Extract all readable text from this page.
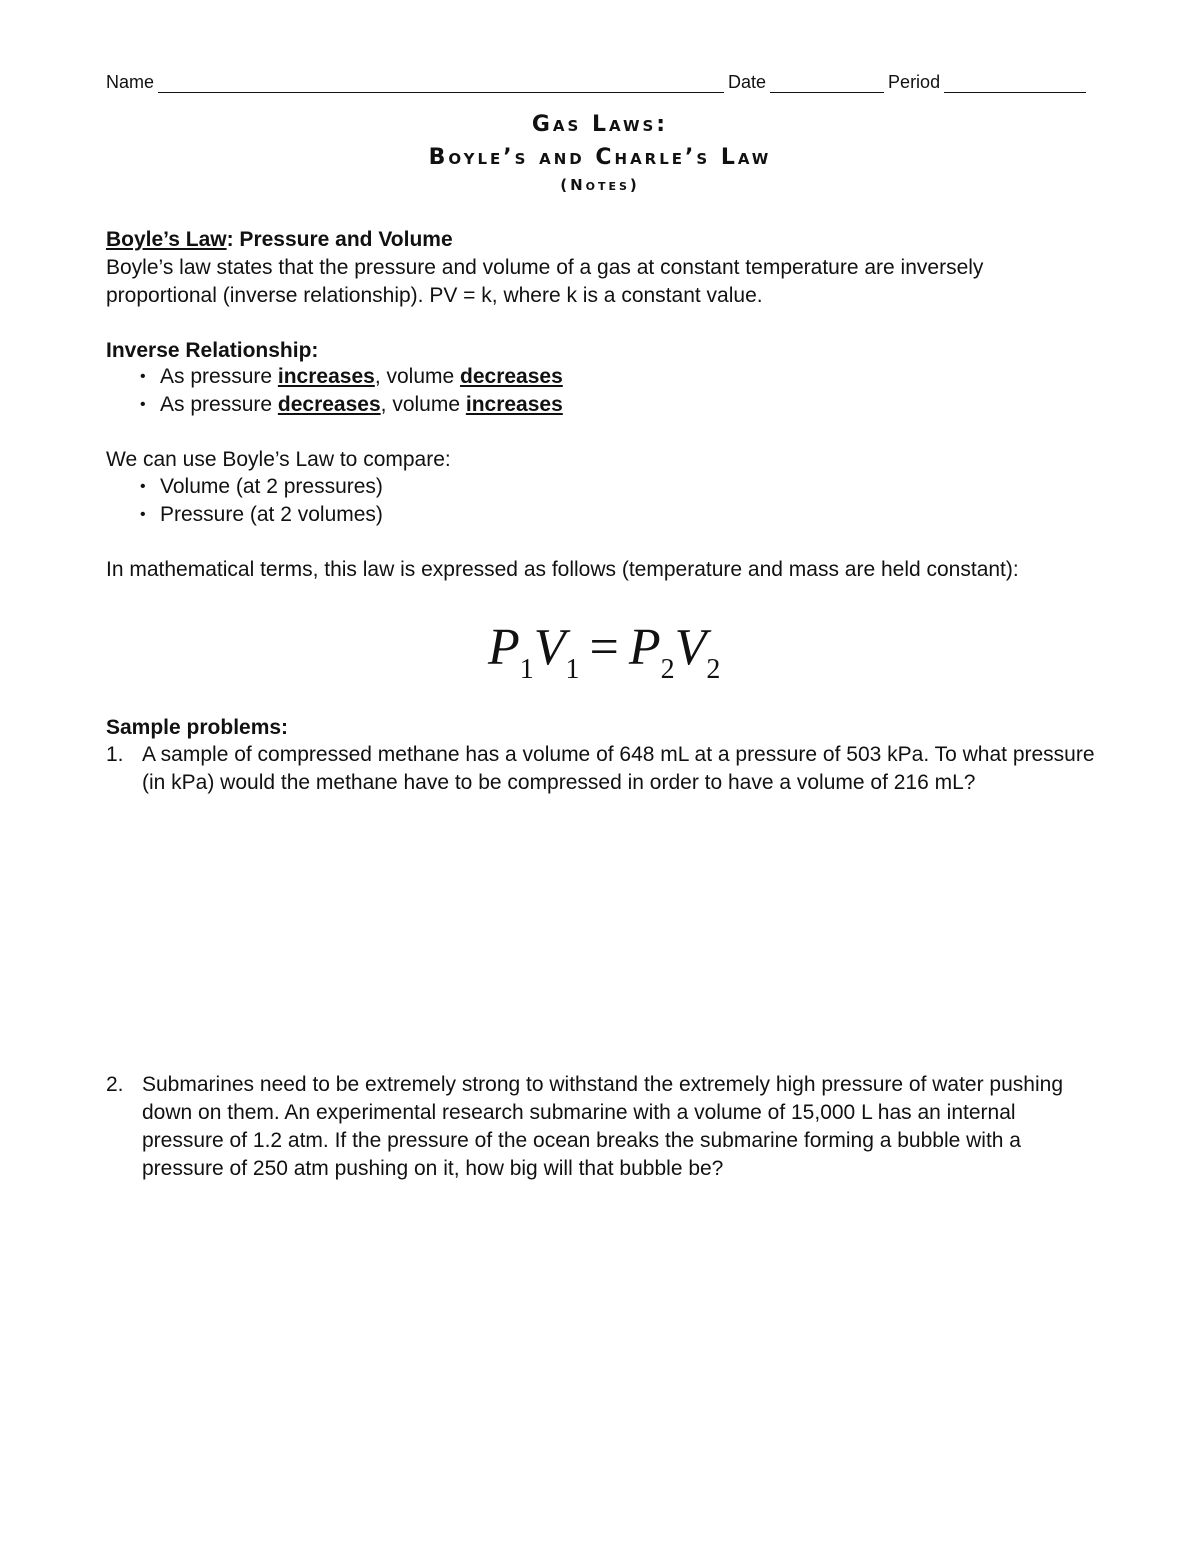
Name	Date	Period
Gas Laws:
Boyle’s and Charle’s Law
(Notes)
Boyle’s Law: Pressure and Volume
Boyle’s law states that the pressure and volume of a gas at constant temperature are inversely proportional (inverse relationship). PV = k, where k is a constant value.
Inverse Relationship:
• As pressure increases, volume decreases
• As pressure decreases, volume increases
We can use Boyle’s Law to compare:
• Volume (at 2 pressures)
• Pressure (at 2 volumes)
In mathematical terms, this law is expressed as follows (temperature and mass are held constant):
$P_1V_1 = P_2V_2$
Sample problems:
1. A sample of compressed methane has a volume of 648 mL at a pressure of 503 kPa. To what pressure (in kPa) would the methane have to be compressed in order to have a volume of 216 mL?
2. Submarines need to be extremely strong to withstand the extremely high pressure of water pushing down on them. An experimental research submarine with a volume of 15,000 L has an internal pressure of 1.2 atm. If the pressure of the ocean breaks the submarine forming a bubble with a pressure of 250 atm pushing on it, how big will that bubble be?
